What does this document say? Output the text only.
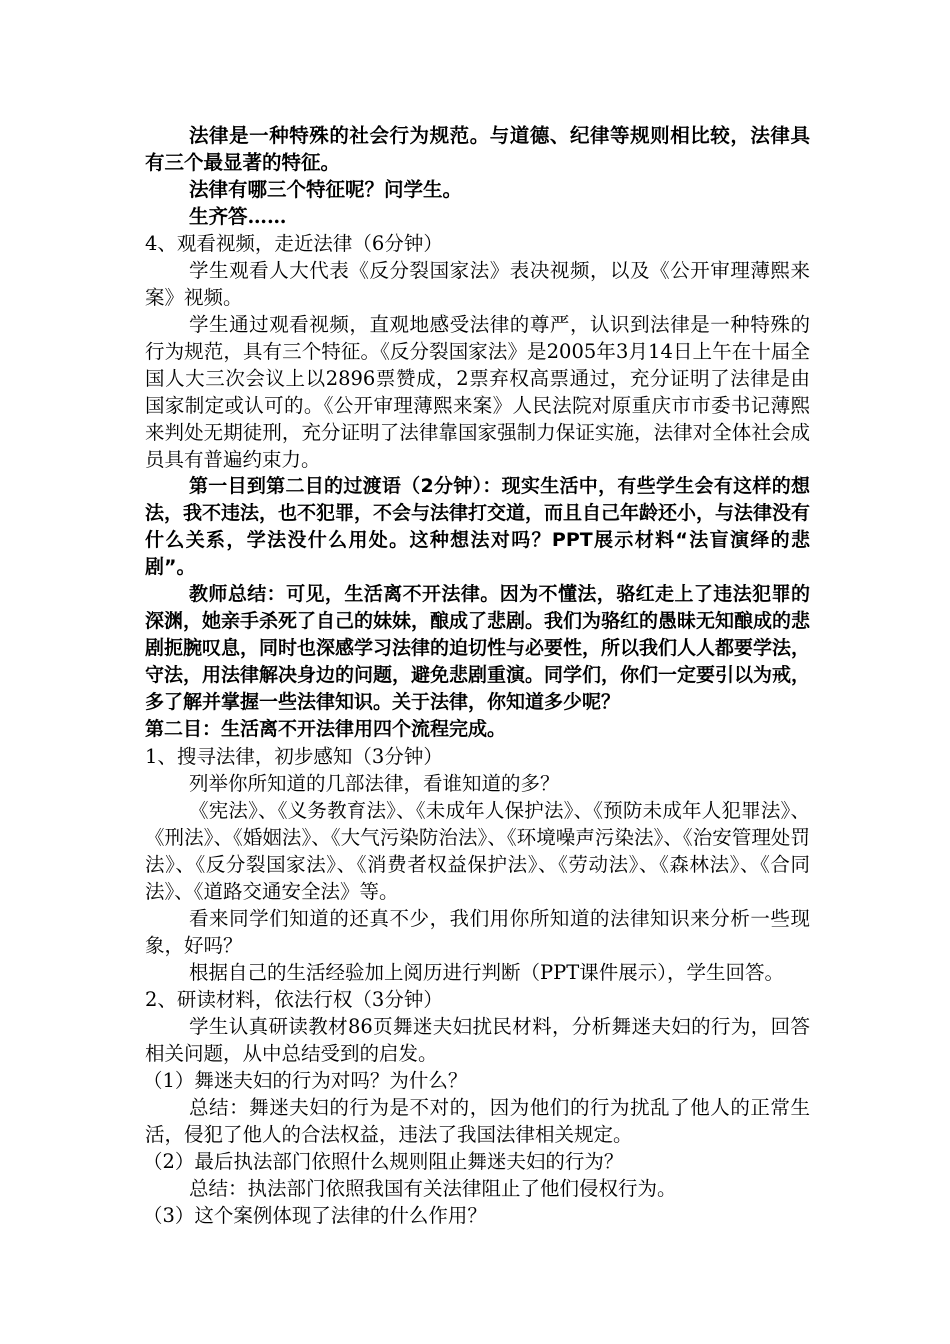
法律是一种特殊的社会行为规范。与道德、纪律等规则相比较，法律具有三个最显著的特征。

法律有哪三个特征呢？问学生。

生齐答……

4、观看视频，走近法律（6分钟）

学生观看人大代表《反分裂国家法》表决视频，以及《公开审理薄熙来案》视频。

学生通过观看视频，直观地感受法律的尊严，认识到法律是一种特殊的行为规范，具有三个特征。《反分裂国家法》是2005年3月14日上午在十届全国人大三次会议上以2896票赞成，2票弃权高票通过，充分证明了法律是由国家制定或认可的。《公开审理薄熙来案》人民法院对原重庆市市委书记薄熙来判处无期徒刑，充分证明了法律靠国家强制力保证实施，法律对全体社会成员具有普遍约束力。

第一目到第二目的过渡语（2分钟）：现实生活中，有些学生会有这样的想法，我不违法，也不犯罪，不会与法律打交道，而且自己年龄还小，与法律没有什么关系，学法没什么用处。这种想法对吗？PPT展示材料“法盲演绎的悲剧”。

教师总结：可见，生活离不开法律。因为不懂法，骆红走上了违法犯罪的深渊，她亲手杀死了自己的妹妹，酿成了悲剧。我们为骆红的愚昧无知酿成的悲剧扼腕叹息，同时也深感学习法律的迫切性与必要性，所以我们人人都要学法，守法，用法律解决身边的问题，避免悲剧重演。同学们，你们一定要引以为戒，多了解并掌握一些法律知识。关于法律，你知道多少呢？

第二目：生活离不开法律用四个流程完成。

1、搜寻法律，初步感知（3分钟）

列举你所知道的几部法律，看谁知道的多？

《宪法》、《义务教育法》、《未成年人保护法》、《预防未成年人犯罪法》、《刑法》、《婚姻法》、《大气污染防治法》、《环境噪声污染法》、《治安管理处罚法》、《反分裂国家法》、《消费者权益保护法》、《劳动法》、《森林法》、《合同法》、《道路交通安全法》等。

看来同学们知道的还真不少，我们用你所知道的法律知识来分析一些现象，好吗？

根据自己的生活经验加上阅历进行判断（PPT课件展示），学生回答。

2、研读材料，依法行权（3分钟）

学生认真研读教材86页舞迷夫妇扰民材料，分析舞迷夫妇的行为，回答相关问题，从中总结受到的启发。

（1）舞迷夫妇的行为对吗？为什么？

总结：舞迷夫妇的行为是不对的，因为他们的行为扰乱了他人的正常生活，侵犯了他人的合法权益，违法了我国法律相关规定。

（2）最后执法部门依照什么规则阻止舞迷夫妇的行为？

总结：执法部门依照我国有关法律阻止了他们侵权行为。

（3）这个案例体现了法律的什么作用？
